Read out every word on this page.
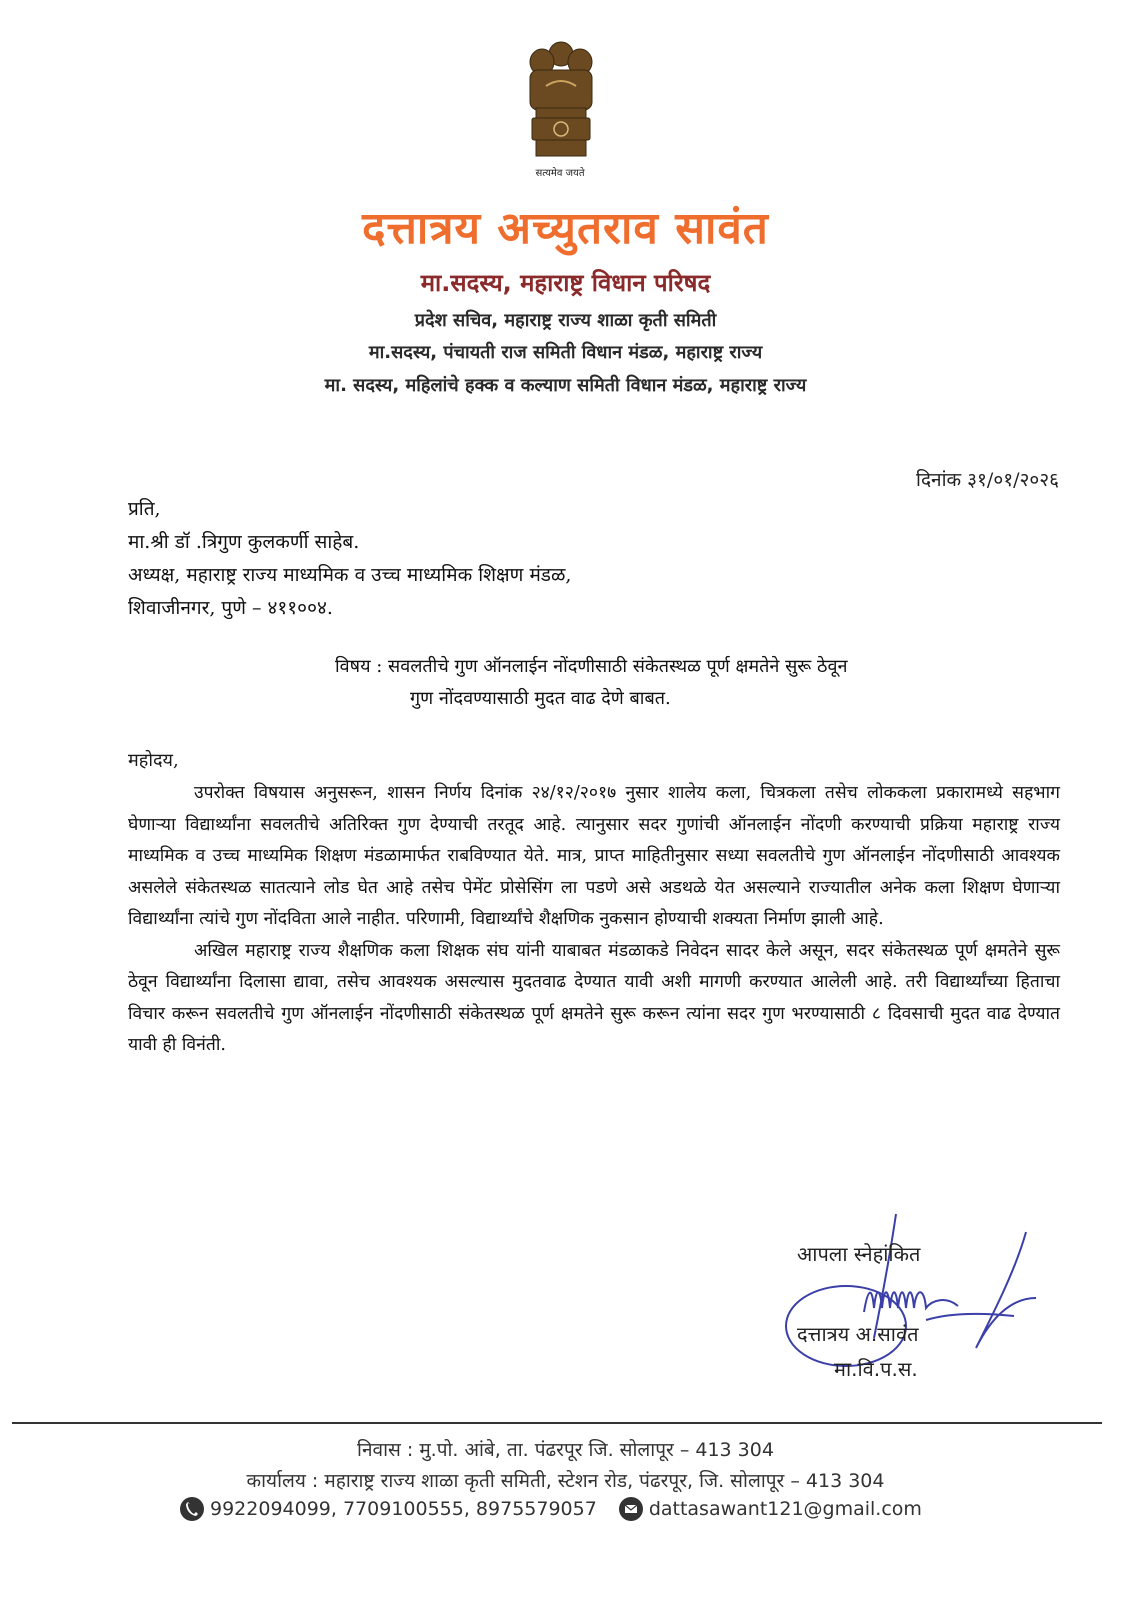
सत्यमेव जयते
दत्तात्रय अच्युतराव सावंत
मा.सदस्य, महाराष्ट्र विधान परिषद
प्रदेश सचिव, महाराष्ट्र राज्य शाळा कृती समिती
मा.सदस्य, पंचायती राज समिती विधान मंडळ, महाराष्ट्र राज्य
मा. सदस्य, महिलांचे हक्क व कल्याण समिती विधान मंडळ, महाराष्ट्र राज्य
दिनांक ३१/०१/२०२६
प्रति,
मा.श्री डॉ .त्रिगुण कुलकर्णी साहेब.
अध्यक्ष, महाराष्ट्र राज्य माध्यमिक व उच्च माध्यमिक शिक्षण मंडळ,
शिवाजीनगर, पुणे – ४११००४.
विषय : सवलतीचे गुण ऑनलाईन नोंदणीसाठी संकेतस्थळ पूर्ण क्षमतेने सुरू ठेवून
गुण नोंदवण्यासाठी मुदत वाढ देणे बाबत.
महोदय,

उपरोक्त विषयास अनुसरून, शासन निर्णय दिनांक २४/१२/२०१७ नुसार शालेय कला, चित्रकला तसेच लोककला प्रकारामध्ये सहभाग घेणाऱ्या विद्यार्थ्यांना सवलतीचे अतिरिक्त गुण देण्याची तरतूद आहे. त्यानुसार सदर गुणांची ऑनलाईन नोंदणी करण्याची प्रक्रिया महाराष्ट्र राज्य माध्यमिक व उच्च माध्यमिक शिक्षण मंडळामार्फत राबविण्यात येते. मात्र, प्राप्त माहितीनुसार सध्या सवलतीचे गुण ऑनलाईन नोंदणीसाठी आवश्यक असलेले संकेतस्थळ सातत्याने लोड घेत आहे तसेच पेमेंट प्रोसेसिंग ला पडणे असे अडथळे येत असल्याने राज्यातील अनेक कला शिक्षण घेणाऱ्या विद्यार्थ्यांना त्यांचे गुण नोंदविता आले नाहीत. परिणामी, विद्यार्थ्यांचे शैक्षणिक नुकसान होण्याची शक्यता निर्माण झाली आहे.

अखिल महाराष्ट्र राज्य शैक्षणिक कला शिक्षक संघ यांनी याबाबत मंडळाकडे निवेदन सादर केले असून, सदर संकेतस्थळ पूर्ण क्षमतेने सुरू ठेवून विद्यार्थ्यांना दिलासा द्यावा, तसेच आवश्यक असल्यास मुदतवाढ देण्यात यावी अशी मागणी करण्यात आलेली आहे. तरी विद्यार्थ्यांच्या हिताचा विचार करून सवलतीचे गुण ऑनलाईन नोंदणीसाठी संकेतस्थळ पूर्ण क्षमतेने सुरू करून त्यांना सदर गुण भरण्यासाठी ८ दिवसाची मुदत वाढ देण्यात यावी ही विनंती.

आपला स्नेहांकित
दत्तात्रय अ.सावंत
मा.वि.प.स.
निवास : मु.पो. आंबे, ता. पंढरपूर जि. सोलापूर – 413 304
कार्यालय : महाराष्ट्र राज्य शाळा कृती समिती, स्टेशन रोड, पंढरपूर, जि. सोलापूर – 413 304
9922094099, 7709100555, 8975579057	dattasawant121@gmail.com
